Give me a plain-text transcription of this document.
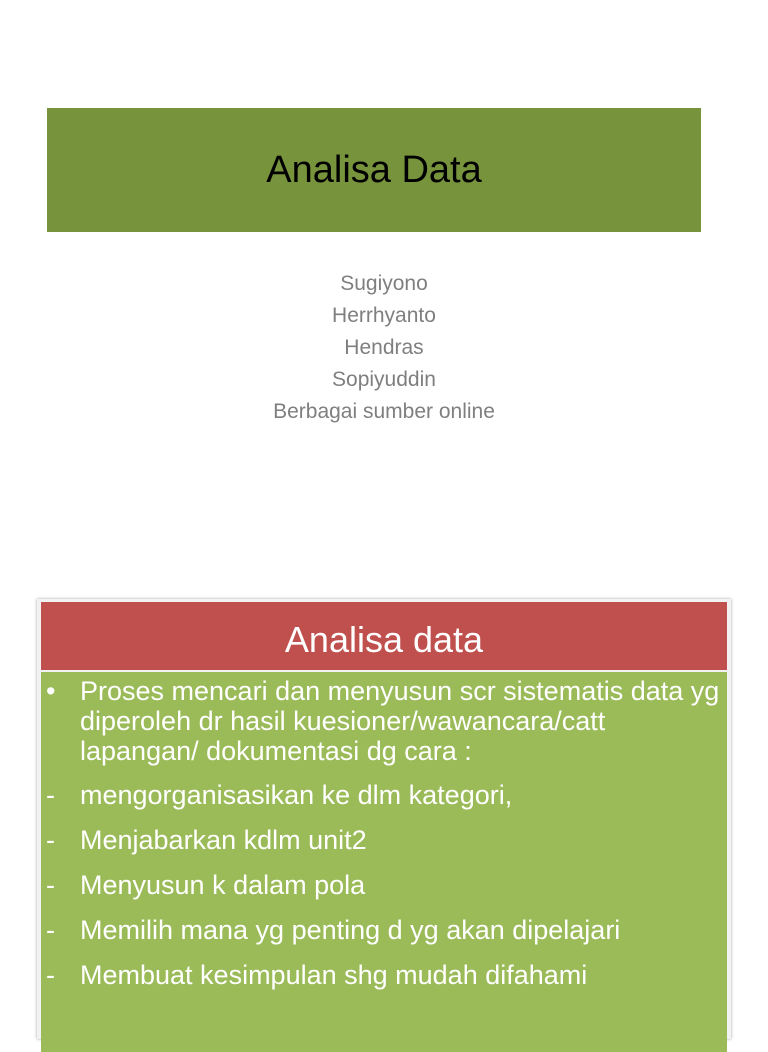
Analisa Data
Sugiyono
Herrhyanto
Hendras
Sopiyuddin
Berbagai sumber online
Analisa data
• Proses mencari dan menyusun scr sistematis data yg diperoleh dr hasil kuesioner/wawancara/catt lapangan/ dokumentasi dg cara :
- mengorganisasikan ke dlm kategori,
- Menjabarkan kdlm unit2
- Menyusun k dalam pola
- Memilih mana yg penting d yg akan dipelajari
- Membuat kesimpulan shg mudah difahami
